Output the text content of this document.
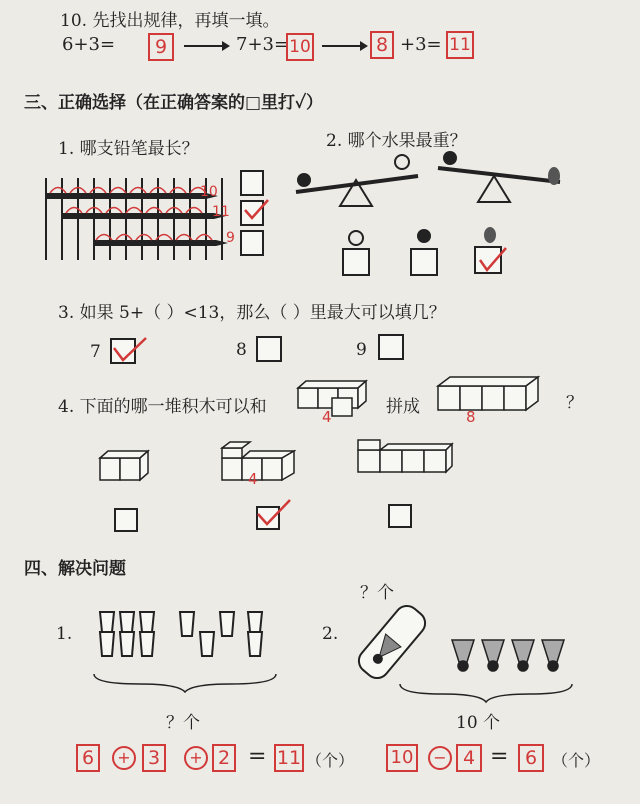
10. 先找出规律，再填一填。
6+3=	9	7+3= 10	8 +3= 11
三、正确选择（在正确答案的□里打✓）
1. 哪支铅笔最长？	2. 哪个水果最重？
10
11
9
3. 如果 5+（ ）<13，那么（ ）里最大可以填几？
7	8	9
4. 下面的哪一堆积木可以和	4	拼成	8
？
4
四、解决问题
1.
？个
2.
？个
10 个
6	+ 3	+ 2 = 11 （个） 10	− 4 = 6 （个）
